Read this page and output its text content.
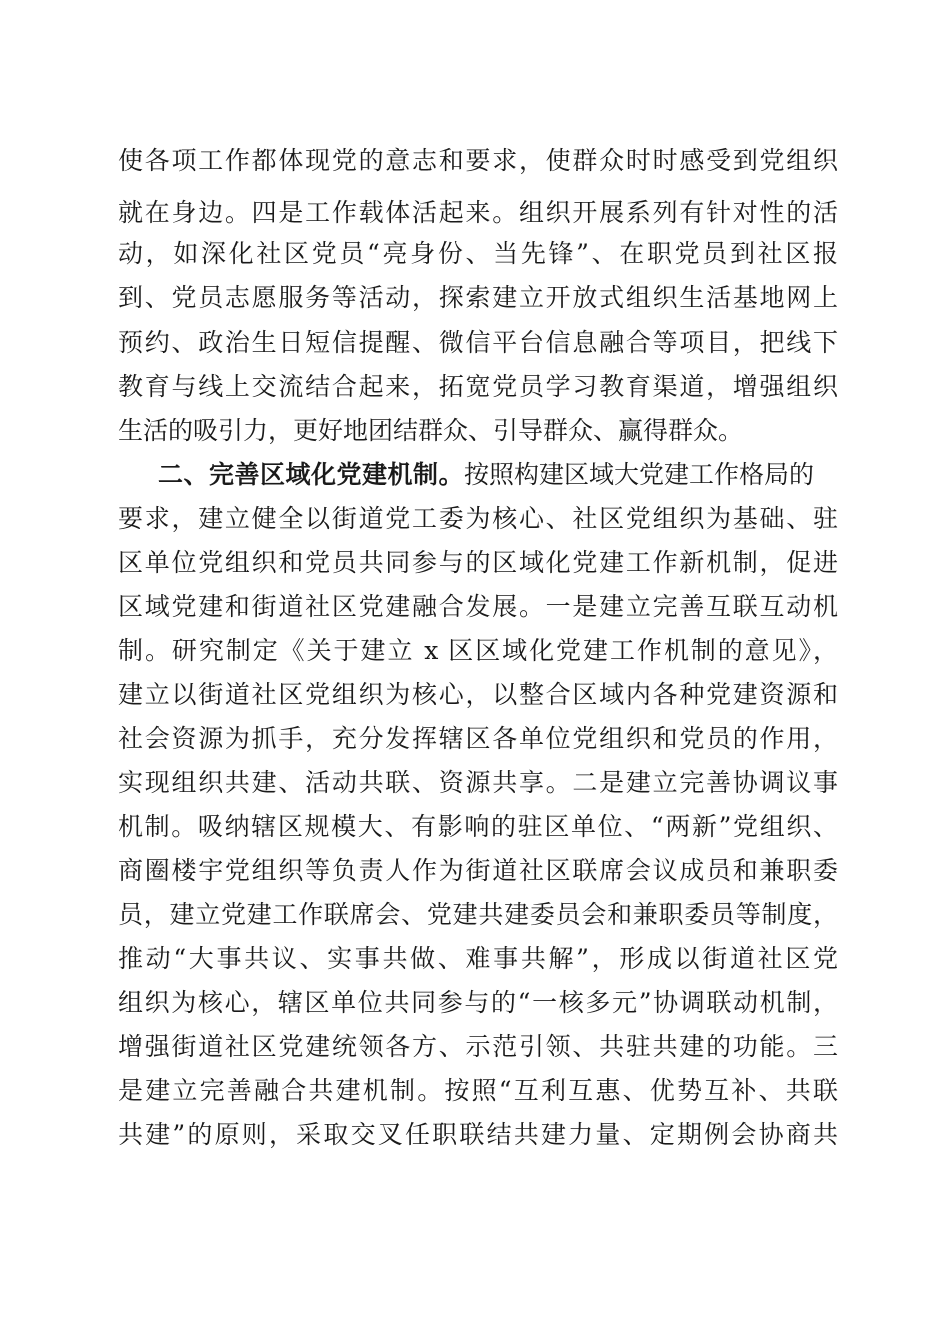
使各项工作都体现党的意志和要求，使群众时时感受到党组织
就在身边。四是工作载体活起来。组织开展系列有针对性的活
动，如深化社区党员“亮身份、当先锋”、在职党员到社区报
到、党员志愿服务等活动，探索建立开放式组织生活基地网上
预约、政治生日短信提醒、微信平台信息融合等项目，把线下
教育与线上交流结合起来，拓宽党员学习教育渠道，增强组织
生活的吸引力，更好地团结群众、引导群众、赢得群众。
二、完善区域化党建机制。按照构建区域大党建工作格局的
要求，建立健全以街道党工委为核心、社区党组织为基础、驻
区单位党组织和党员共同参与的区域化党建工作新机制，促进
区域党建和街道社区党建融合发展。一是建立完善互联互动机
制。研究制定《关于建立 x 区区域化党建工作机制的意见》，
建立以街道社区党组织为核心，以整合区域内各种党建资源和
社会资源为抓手，充分发挥辖区各单位党组织和党员的作用，
实现组织共建、活动共联、资源共享。二是建立完善协调议事
机制。吸纳辖区规模大、有影响的驻区单位、“两新”党组织、
商圈楼宇党组织等负责人作为街道社区联席会议成员和兼职委
员，建立党建工作联席会、党建共建委员会和兼职委员等制度，
推动“大事共议、实事共做、难事共解”，形成以街道社区党
组织为核心，辖区单位共同参与的“一核多元”协调联动机制，
增强街道社区党建统领各方、示范引领、共驻共建的功能。三
是建立完善融合共建机制。按照“互利互惠、优势互补、共联
共建”的原则，采取交叉任职联结共建力量、定期例会协商共
